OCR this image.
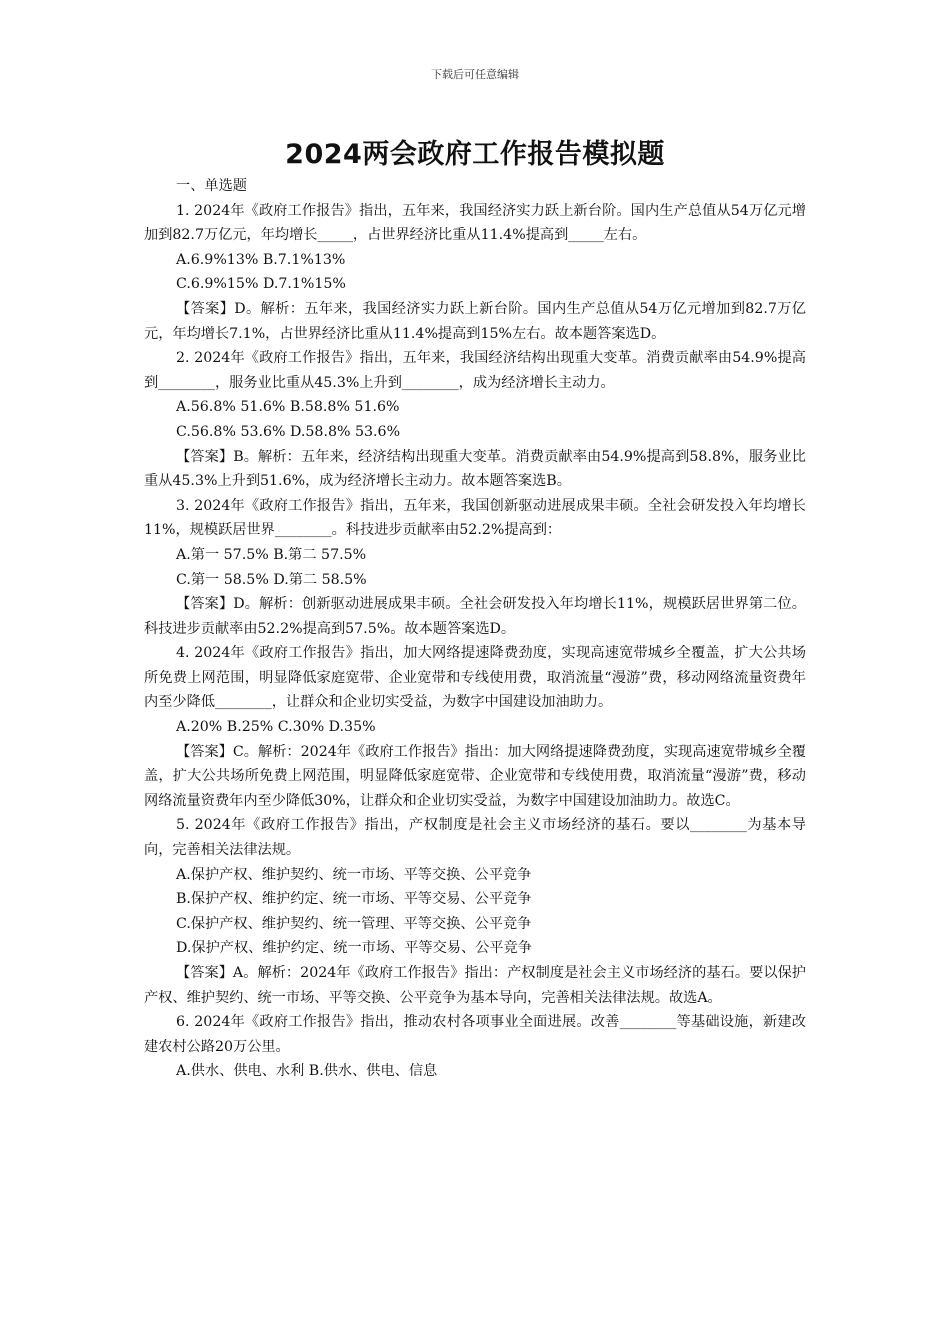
下载后可任意编辑
2024两会政府工作报告模拟题

一、单选题

1. 2024年《政府工作报告》指出，五年来，我国经济实力跃上新台阶。国内生产总值从54万亿元增加到82.7万亿元，年均增长_____，占世界经济比重从11.4%提高到_____左右。

A.6.9%13% B.7.1%13%

C.6.9%15% D.7.1%15%

【答案】D。解析：五年来，我国经济实力跃上新台阶。国内生产总值从54万亿元增加到82.7万亿元，年均增长7.1%，占世界经济比重从11.4%提高到15%左右。故本题答案选D。

2. 2024年《政府工作报告》指出，五年来，我国经济结构出现重大变革。消费贡献率由54.9%提高到________，服务业比重从45.3%上升到________，成为经济增长主动力。

A.56.8% 51.6% B.58.8% 51.6%

C.56.8% 53.6% D.58.8% 53.6%

【答案】B。解析：五年来，经济结构出现重大变革。消费贡献率由54.9%提高到58.8%，服务业比重从45.3%上升到51.6%，成为经济增长主动力。故本题答案选B。

3. 2024年《政府工作报告》指出，五年来，我国创新驱动进展成果丰硕。全社会研发投入年均增长11%，规模跃居世界________。科技进步贡献率由52.2%提高到：

A.第一 57.5% B.第二 57.5%

C.第一 58.5% D.第二 58.5%

【答案】D。解析：创新驱动进展成果丰硕。全社会研发投入年均增长11%，规模跃居世界第二位。科技进步贡献率由52.2%提高到57.5%。故本题答案选D。

4. 2024年《政府工作报告》指出，加大网络提速降费劲度，实现高速宽带城乡全覆盖，扩大公共场所免费上网范围，明显降低家庭宽带、企业宽带和专线使用费，取消流量“漫游”费，移动网络流量资费年内至少降低________，让群众和企业切实受益，为数字中国建设加油助力。

A.20% B.25% C.30% D.35%

【答案】C。解析：2024年《政府工作报告》指出：加大网络提速降费劲度，实现高速宽带城乡全覆盖，扩大公共场所免费上网范围，明显降低家庭宽带、企业宽带和专线使用费，取消流量“漫游”费，移动网络流量资费年内至少降低30%，让群众和企业切实受益，为数字中国建设加油助力。故选C。

5. 2024年《政府工作报告》指出，产权制度是社会主义市场经济的基石。要以________为基本导向，完善相关法律法规。

A.保护产权、维护契约、统一市场、平等交换、公平竞争

B.保护产权、维护约定、统一市场、平等交易、公平竞争

C.保护产权、维护契约、统一管理、平等交换、公平竞争

D.保护产权、维护约定、统一市场、平等交易、公平竞争

【答案】A。解析：2024年《政府工作报告》指出：产权制度是社会主义市场经济的基石。要以保护产权、维护契约、统一市场、平等交换、公平竞争为基本导向，完善相关法律法规。故选A。

6. 2024年《政府工作报告》指出，推动农村各项事业全面进展。改善________等基础设施，新建改建农村公路20万公里。

A.供水、供电、水利 B.供水、供电、信息
